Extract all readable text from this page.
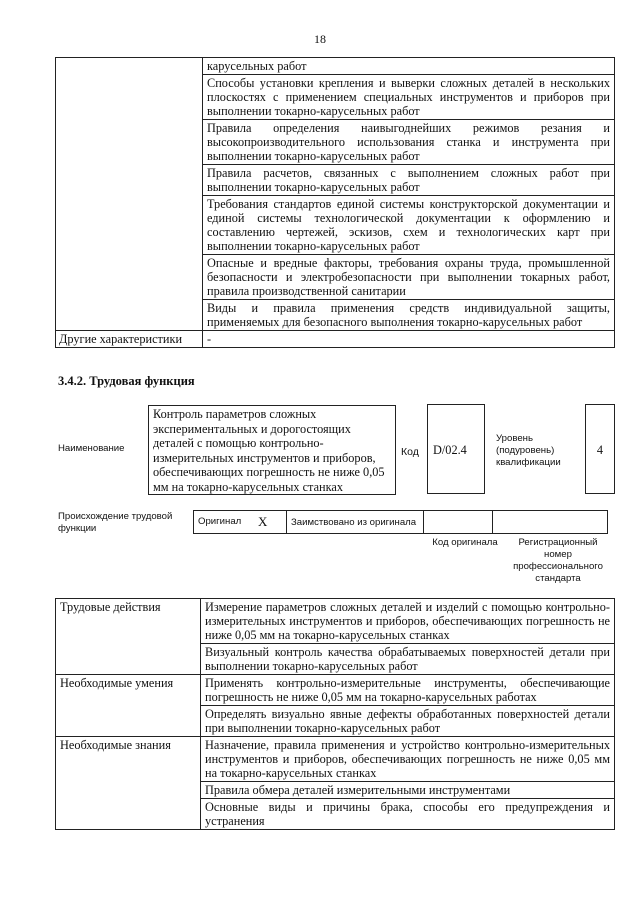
18
	карусельных работ
	Способы установки крепления и выверки сложных деталей в нескольких плоскостях с применением специальных инструментов и приборов при выполнении токарно-карусельных работ
	Правила определения наивыгоднейших режимов резания и высокопроизводительного использования станка и инструмента при выполнении токарно-карусельных работ
	Правила расчетов, связанных с выполнением сложных работ при выполнении токарно-карусельных работ
	Требования стандартов единой системы конструкторской документации и единой системы технологической документации к оформлению и составлению чертежей, эскизов, схем и технологических карт при выполнении токарно-карусельных работ
	Опасные и вредные факторы, требования охраны труда, промышленной безопасности и электробезопасности при выполнении токарных работ, правила производственной санитарии
	Виды и правила применения средств индивидуальной защиты, применяемых для безопасного выполнения токарно-карусельных работ
Другие характеристики	-
3.4.2. Трудовая функция
Наименование
Контроль параметров сложных экспериментальных и дорогостоящих деталей с помощью контрольно-измерительных инструментов и приборов, обеспечивающих погрешность не ниже 0,05 мм на токарно-карусельных станках
Код	D/02.4
Уровень (подуровень) квалификации
4
Происхождение трудовой функции
Оригинал	X	Заимствовано из оригинала		
Код оригинала	Регистрационный номер профессионального стандарта
Трудовые действия	Измерение параметров сложных деталей и изделий с помощью контрольно-измерительных инструментов и приборов, обеспечивающих погрешность не ниже 0,05 мм на токарно-карусельных станках
	Визуальный контроль качества обрабатываемых поверхностей детали при выполнении токарно-карусельных работ
Необходимые умения	Применять контрольно-измерительные инструменты, обеспечивающие погрешность не ниже 0,05 мм на токарно-карусельных работах
	Определять визуально явные дефекты обработанных поверхностей детали при выполнении токарно-карусельных работ
Необходимые знания	Назначение, правила применения и устройство контрольно-измерительных инструментов и приборов, обеспечивающих погрешность не ниже 0,05 мм на токарно-карусельных станках
	Правила обмера деталей измерительными инструментами
	Основные виды и причины брака, способы его предупреждения и устранения
